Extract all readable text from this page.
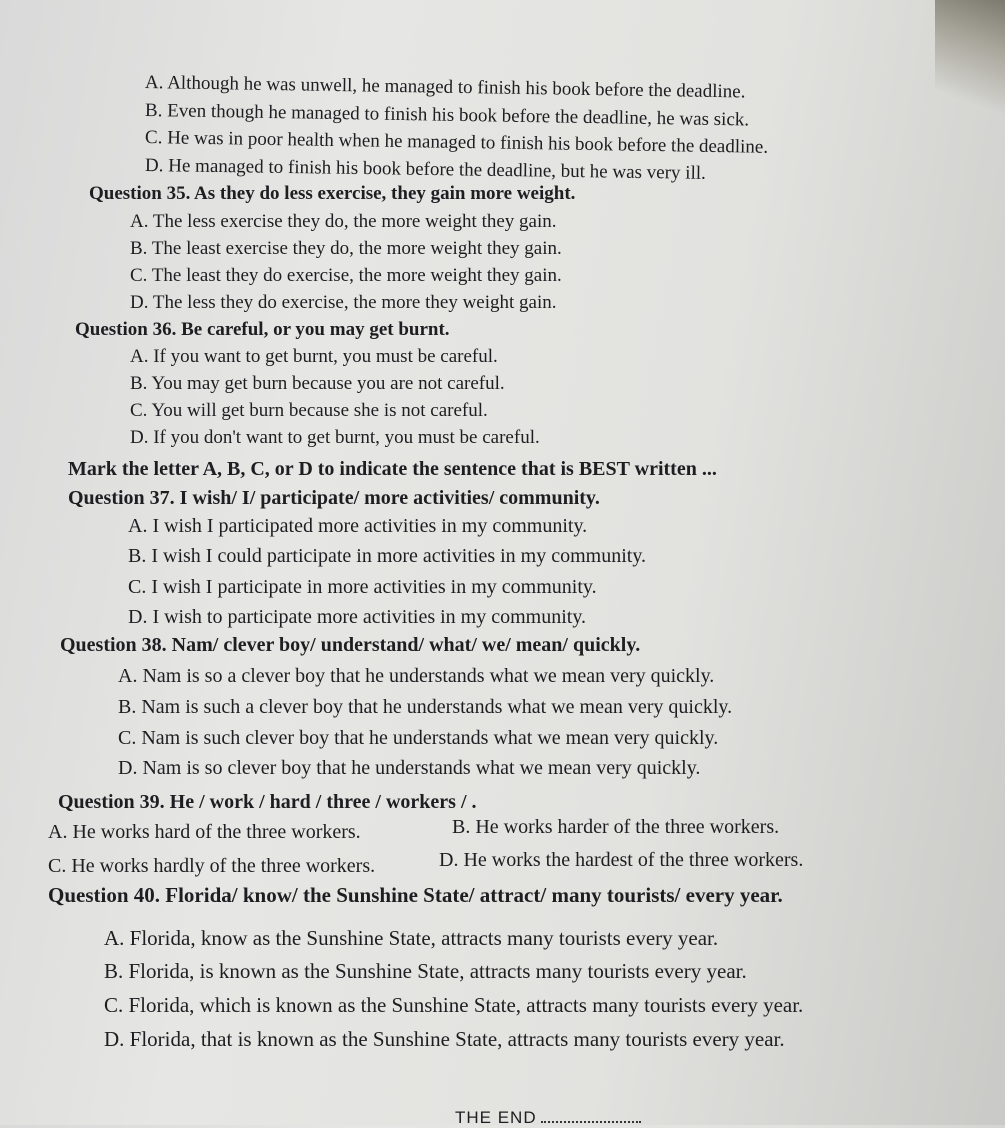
A. Although he was unwell, he managed to finish his book before the deadline.
B. Even though he managed to finish his book before the deadline, he was sick.
C. He was in poor health when he managed to finish his book before the deadline.
D. He managed to finish his book before the deadline, but he was very ill.
Question 35. As they do less exercise, they gain more weight.
A. The less exercise they do, the more weight they gain.
B. The least exercise they do, the more weight they gain.
C. The least they do exercise, the more weight they gain.
D. The less they do exercise, the more they weight gain.
Question 36. Be careful, or you may get burnt.
A. If you want to get burnt, you must be careful.
B. You may get burn because you are not careful.
C. You will get burn because she is not careful.
D. If you don't want to get burnt, you must be careful.
Mark the letter A, B, C, or D to indicate the sentence that is BEST written ...
Question 37. I wish/ I/ participate/ more activities/ community.
A. I wish I participated more activities in my community.
B. I wish I could participate in more activities in my community.
C. I wish I participate in more activities in my community.
D. I wish to participate more activities in my community.
Question 38. Nam/ clever boy/ understand/ what/ we/ mean/ quickly.
A. Nam is so a clever boy that he understands what we mean very quickly.
B. Nam is such a clever boy that he understands what we mean very quickly.
C. Nam is such clever boy that he understands what we mean very quickly.
D. Nam is so clever boy that he understands what we mean very quickly.
Question 39. He / work / hard / three / workers / .
A. He works hard of the three workers.	B. He works harder of the three workers.
C. He works hardly of the three workers.	D. He works the hardest of the three workers.
Question 40. Florida/ know/ the Sunshine State/ attract/ many tourists/ every year.
A. Florida, know as the Sunshine State, attracts many tourists every year.
B. Florida, is known as the Sunshine State, attracts many tourists every year.
C. Florida, which is known as the Sunshine State, attracts many tourists every year.
D. Florida, that is known as the Sunshine State, attracts many tourists every year.
THE END
